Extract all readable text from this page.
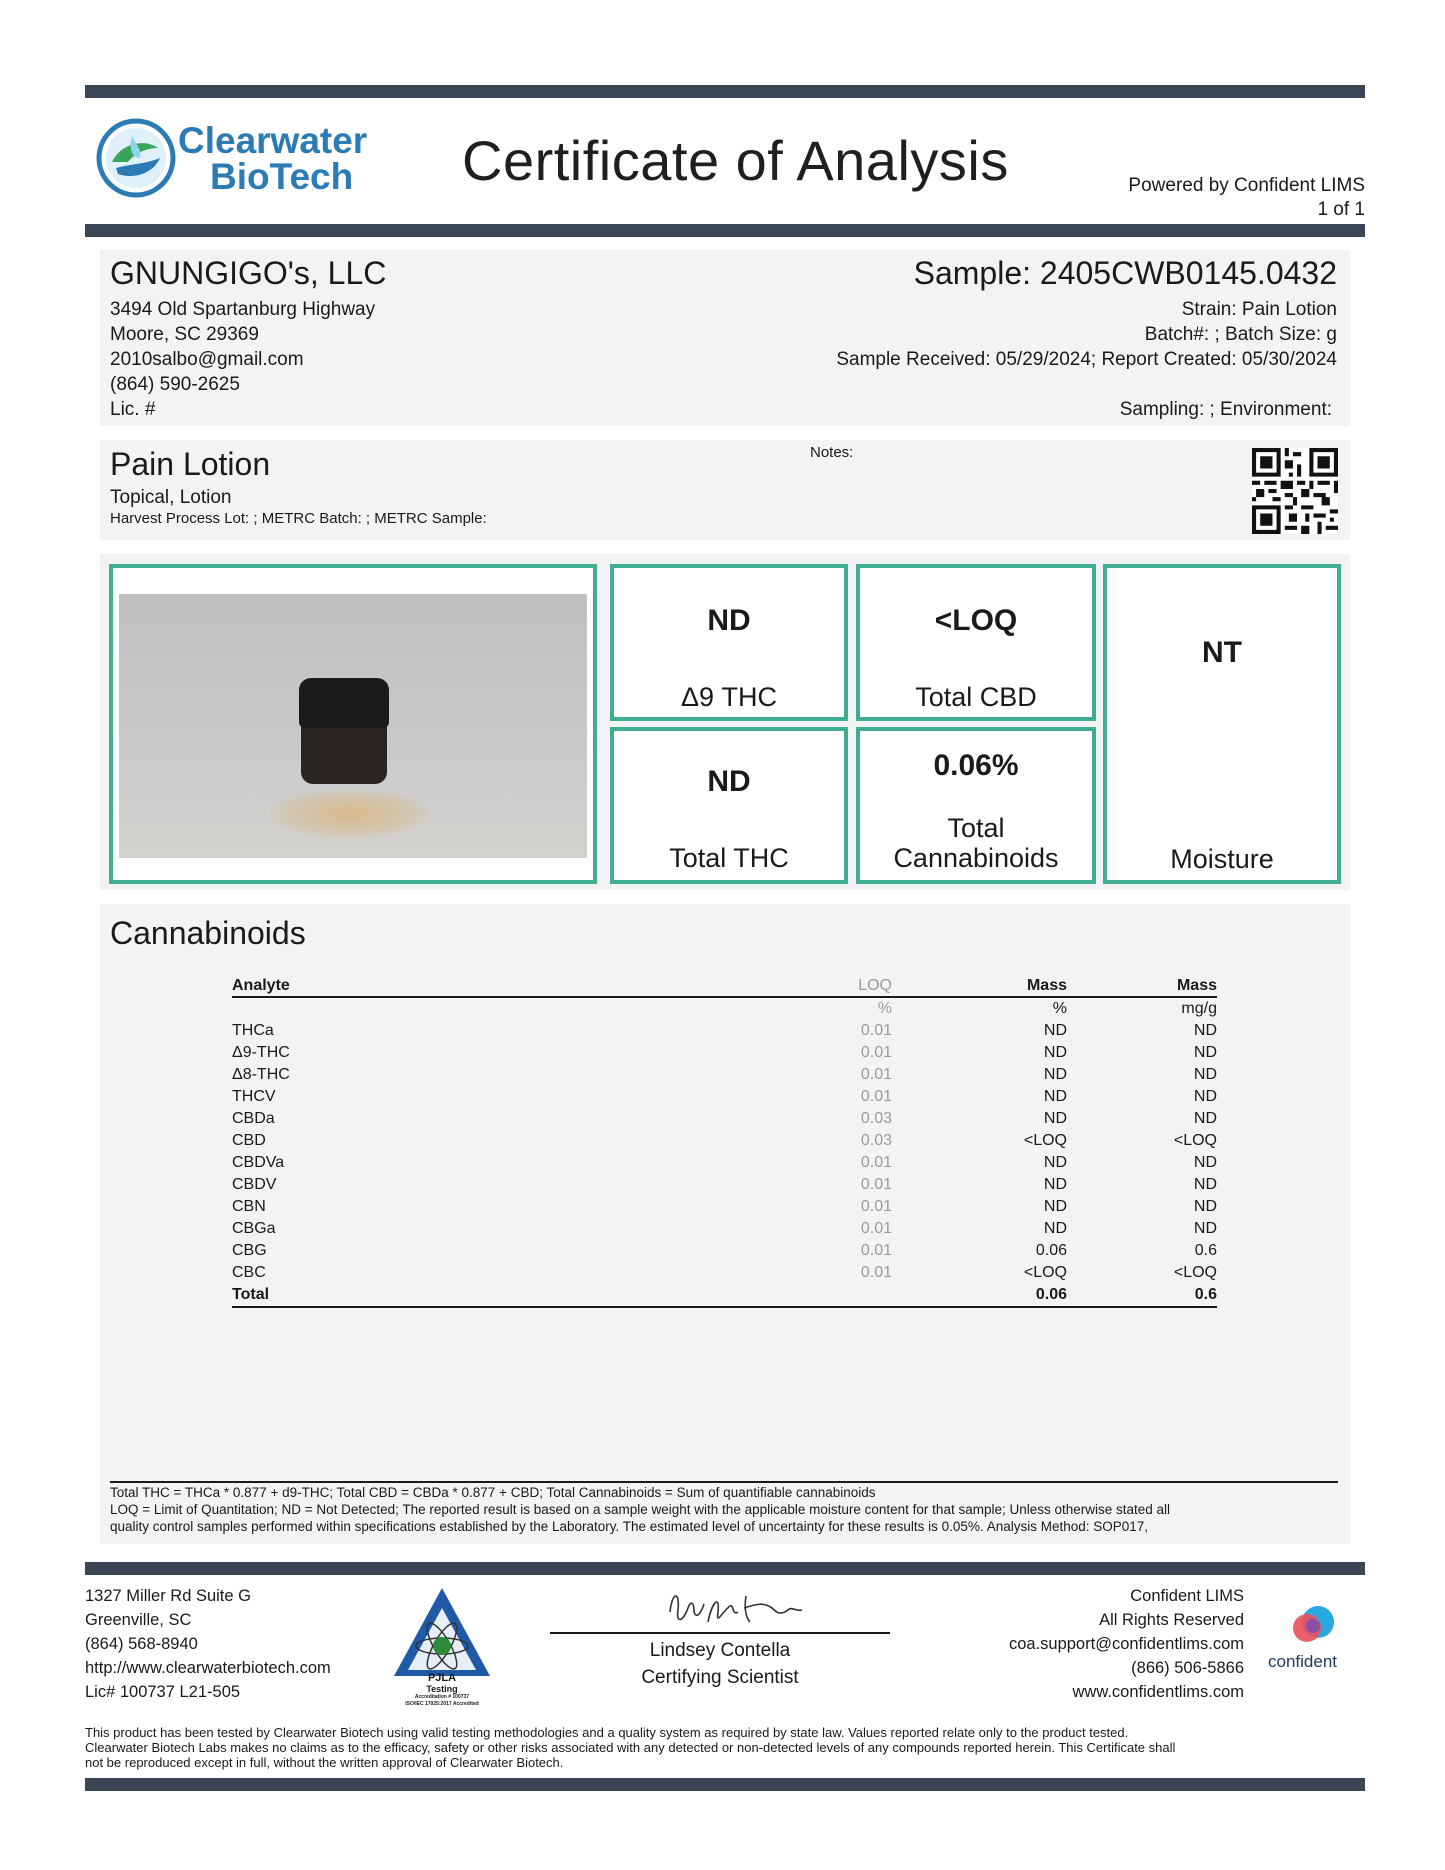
Clearwater
BioTech Certificate of Analysis	Powered by Confident LIMS
1 of 1
GNUNGIGO's, LLC
3494 Old Spartanburg Highway
Moore, SC 29369
2010salbo@gmail.com
(864) 590-2625
Lic. #
Sample: 2405CWB0145.0432
Strain: Pain Lotion
Batch#: ; Batch Size: g
Sample Received: 05/29/2024; Report Created: 05/30/2024
Sampling: ; Environment:
Pain Lotion
Topical, Lotion
Harvest Process Lot: ; METRC Batch: ; METRC Sample:
Notes:
ND
Δ9 THC
<LOQ
Total CBD
NT
Moisture
ND
Total THC
0.06%
Total
Cannabinoids
Cannabinoids
Analyte	LOQ	Mass	Mass
	%	%	mg/g
THCa	0.01	ND	ND
Δ9-THC	0.01	ND	ND
Δ8-THC	0.01	ND	ND
THCV	0.01	ND	ND
CBDa	0.03	ND	ND
CBD	0.03	<LOQ	<LOQ
CBDVa	0.01	ND	ND
CBDV	0.01	ND	ND
CBN	0.01	ND	ND
CBGa	0.01	ND	ND
CBG	0.01	0.06	0.6
CBC	0.01	<LOQ	<LOQ
Total		0.06	0.6
Total THC = THCa * 0.877 + d9-THC; Total CBD = CBDa * 0.877 + CBD; Total Cannabinoids = Sum of quantifiable cannabinoids
LOQ = Limit of Quantitation; ND = Not Detected; The reported result is based on a sample weight with the applicable moisture content for that sample; Unless otherwise stated all
quality control samples performed within specifications established by the Laboratory. The estimated level of uncertainty for these results is 0.05%. Analysis Method: SOP017,
1327 Miller Rd Suite G
Greenville, SC
(864) 568-8940
http://www.clearwaterbiotech.com
Lic# 100737 L21-505
PJLA
Testing
Accreditation # 100737
ISO/IEC 17025:2017 Accredited
Lindsey Contella
Certifying Scientist
Confident LIMS
All Rights Reserved
coa.support@confidentlims.com
(866) 506-5866
www.confidentlims.com
confident
This product has been tested by Clearwater Biotech using valid testing methodologies and a quality system as required by state law. Values reported relate only to the product tested.
Clearwater Biotech Labs makes no claims as to the efficacy, safety or other risks associated with any detected or non-detected levels of any compounds reported herein. This Certificate shall
not be reproduced except in full, without the written approval of Clearwater Biotech.
